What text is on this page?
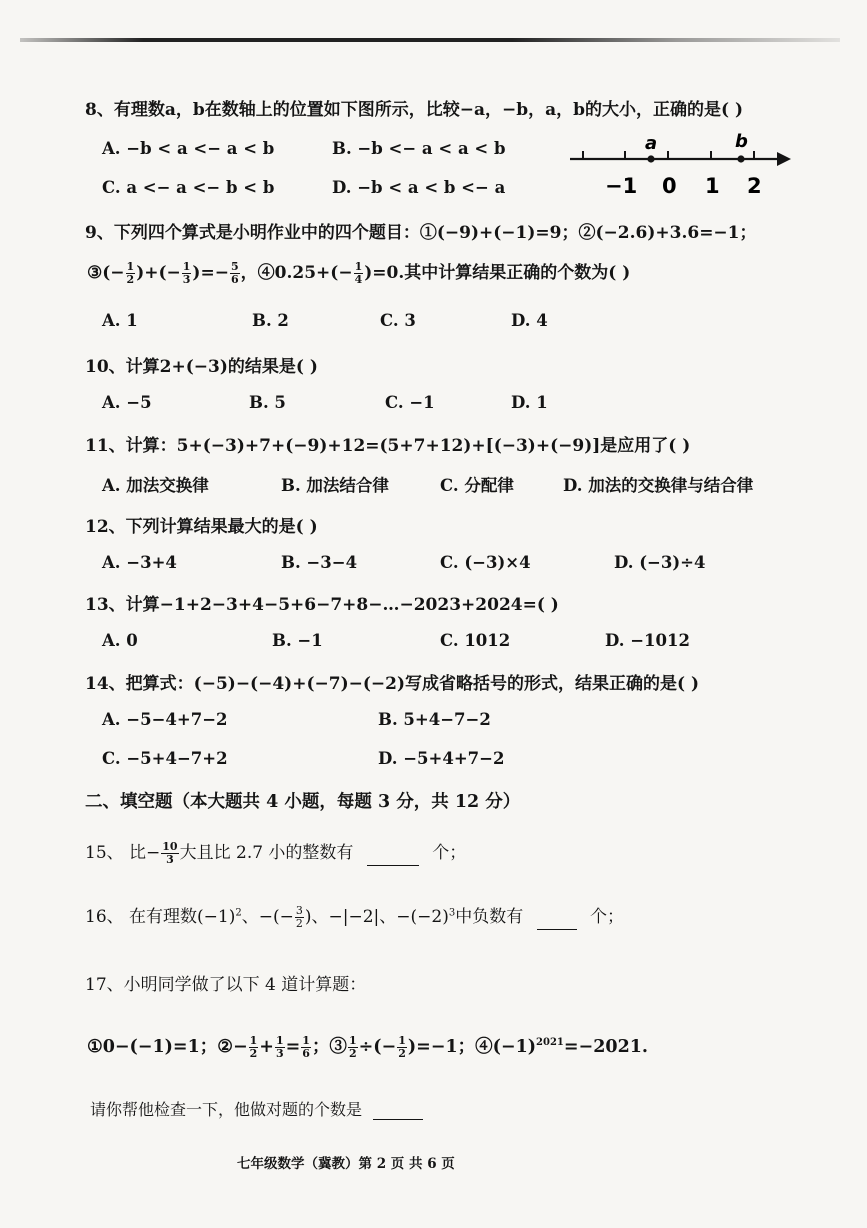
8、有理数a，b在数轴上的位置如下图所示，比较−a，−b，a，b的大小，正确的是( )
A. −b < a <− a < b	B. −b <− a < a < b
C. a <− a <− b < b	D. −b < a < b <− a
a	b
−1 0 1 2
9、下列四个算式是小明作业中的四个题目：①(−9)+(−1)=9；②(−2.6)+3.6=−1；
③(− $\frac{1}{2}$ )+(− $\frac{1}{3}$ )=− $\frac{5}{6}$ ，④0.25+(− $\frac{1}{4} )=0$.其中计算结果正确的个数为( )
A. 1	B. 2	C. 3	D. 4
10、计算2+(−3)的结果是( )
A. −5	B. 5	C. −1	D. 1
11、计算：5+(−3)+7+(−9)+12=(5+7+12)+[(−3)+(−9)]是应用了( )
A. 加法交换律	B. 加法结合律	C. 分配律	D. 加法的交换律与结合律
12、下列计算结果最大的是( )
A. −3+4	B. −3−4	C. (−3)×4	D. (−3)÷4
13、计算−1+2−3+4−5+6−7+8−…−2023+2024=( )
A. 0	B. −1	C. 1012	D. −1012
14、把算式：(−5)−(−4)+(−7)−(−2)写成省略括号的形式，结果正确的是( )
A. −5−4+7−2	B. 5+4−7−2
C. −5+4−7+2	D. −5+4+7−2
二、填空题（本大题共 4 小题，每题 3 分，共 12 分）
15、 比− $\frac{10}{3}$ 大且比 2.7 小的整数有	个；
16、 在有理数$(-1)^2$、−(− $\frac{3}{2}$ )、−|−2|、$-(-2)^3$中负数有	个；
17、小明同学做了以下 4 道计算题：
①0−(−1)=1；②− $\frac{1}{2} + \frac{1}{3} = \frac{1}{6}$ ；③ $\frac{1}{2}$ ÷(− $\frac{1}{2} )=-1$；$④(-1)^{2021}=-2021$.
请你帮他检查一下，他做对题的个数是
七年级数学（冀教）第 2 页 共 6 页
